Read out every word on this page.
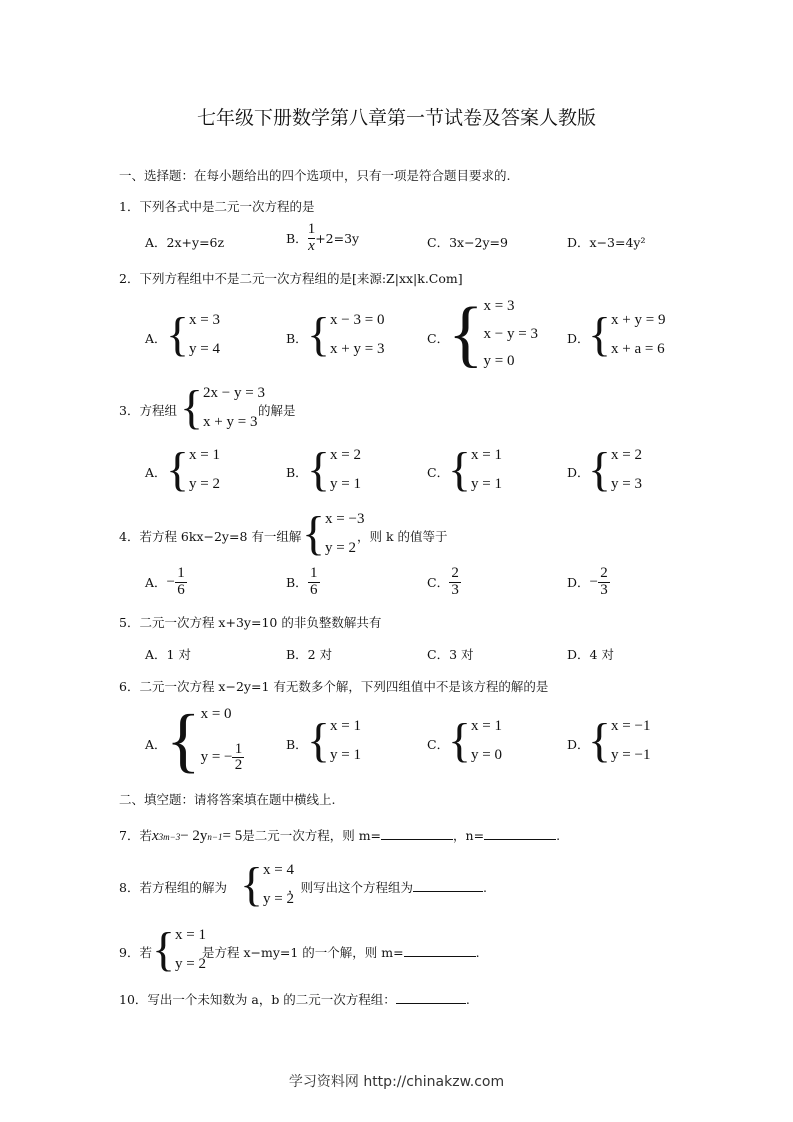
七年级下册数学第八章第一节试卷及答案人教版
一、选择题：在每小题给出的四个选项中，只有一项是符合题目要求的.
1．下列各式中是二元一次方程的是
A．2x+y=6z	B． $\frac{1}{x} +2=3y$	C．3x−2y=9	D．x−3=4y²
2．下列方程组中不是二元一次方程组的是[来源:Z|xx|k.Com]
A． { x = 3
y = 4
B． { x − 3 = 0
x + y = 3
C．
{ x = 3
x − y = 3
y = 0
D．
{ x + y = 9
x + a = 6
3．方程组 { 2x − y = 3
x + y = 3
的解是
A． { x = 1
y = 2
B． { x = 2
y = 1
C．
{ x = 1
y = 1
D．
{ x = 2
y = 3
4．若方程 6kx−2y=8 有一组解 { x = −3
y = 2
，则 k 的值等于
A． − $\frac{1}{6}$	B． $\frac{1}{6}$	C． $\frac{2}{3}$	D． − $\frac{2}{3}$
5．二元一次方程 x+3y=10 的非负整数解共有
A．1 对	B．2 对	C．3 对	D．4 对
6．二元一次方程 x−2y=1 有无数多个解，下列四组值中不是该方程的解的是
A． { x = 0
y = − $\frac{1}{2}$	B． { x = 1
y = 1
C．
{ x = 1
y = 0
D．
{ x = −1
y = −1
二、填空题：请将答案填在题中横线上.
7．若 x 3m−3 − 2y n−1 = 5 是二元一次方程，则 m=	，n=	.
8．若方程组的解为 { x = 4
y = 2
，则写出这个方程组为	.
9．若 { x = 1
y = 2
是方程 x−my=1 的一个解，则 m=	.
10．写出一个未知数为 a，b 的二元一次方程组：	.
学习资料网 http://chinakzw.com
